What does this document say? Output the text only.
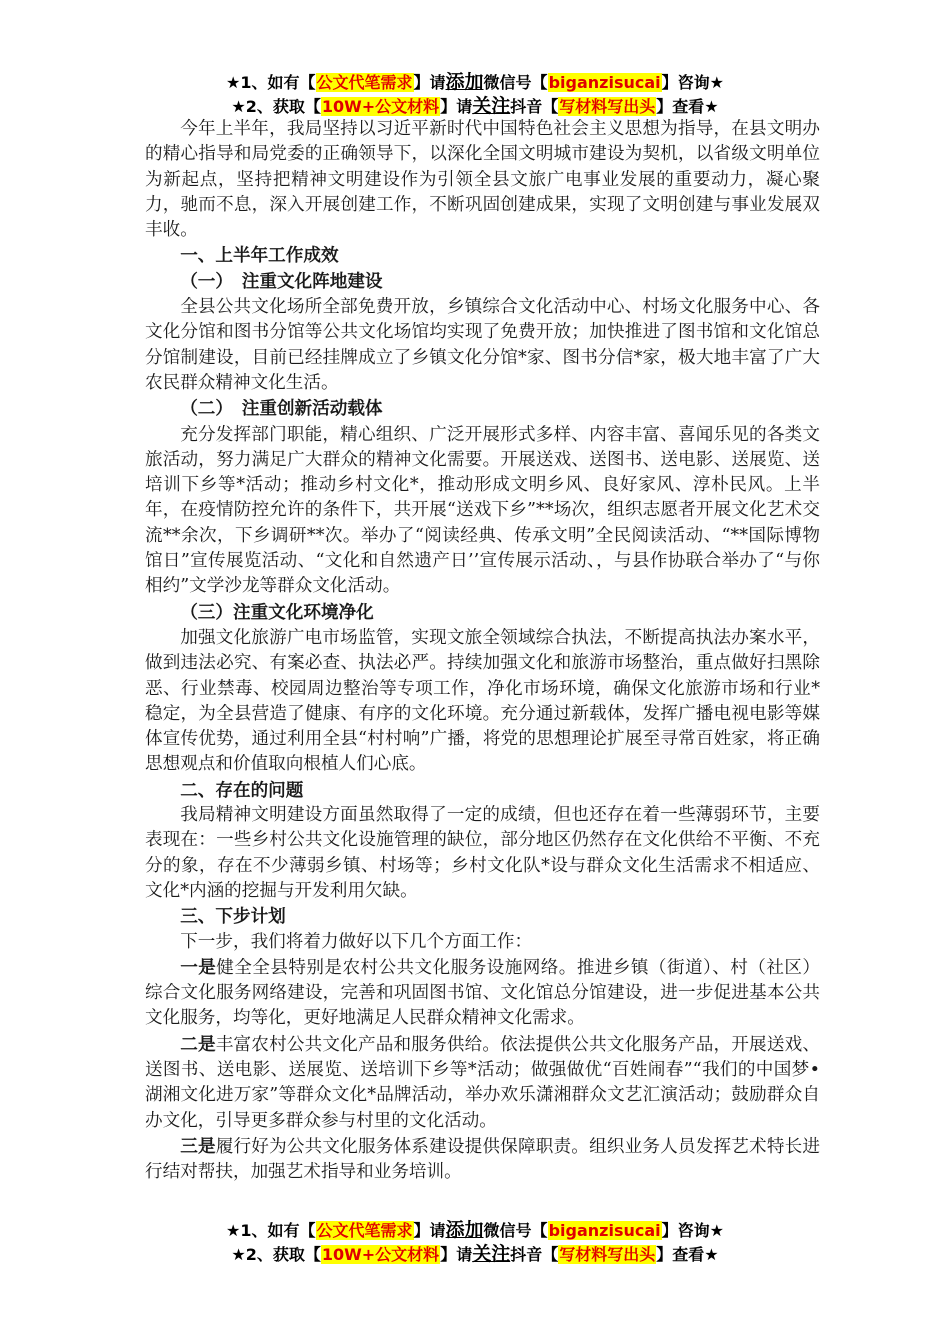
★1、如有【公文代笔需求】请添加微信号【biganzisucai】咨询★
★2、获取【10W+公文材料】请关注抖音【写材料写出头】查看★

今年上半年，我局坚持以习近平新时代中国特色社会主义思想为指导，在县文明办的精心指导和局党委的正确领导下，以深化全国文明城市建设为契机，以省级文明单位为新起点，坚持把精神文明建设作为引领全县文旅广电事业发展的重要动力，凝心聚力，驰而不息，深入开展创建工作，不断巩固创建成果，实现了文明创建与事业发展双丰收。

一、上半年工作成效

（一）　注重文化阵地建设

全县公共文化场所全部免费开放，乡镇综合文化活动中心、村场文化服务中心、各文化分馆和图书分馆等公共文化场馆均实现了免费开放；加快推进了图书馆和文化馆总分馆制建设，目前已经挂牌成立了乡镇文化分馆*家、图书分信*家，极大地丰富了广大农民群众精神文化生活。

（二）　注重创新活动载体

充分发挥部门职能，精心组织、广泛开展形式多样、内容丰富、喜闻乐见的各类文旅活动，努力满足广大群众的精神文化需要。开展送戏、送图书、送电影、送展览、送培训下乡等*活动；推动乡村文化*，推动形成文明乡风、良好家风、淳朴民风。上半年，在疫情防控允许的条件下，共开展“送戏下乡”**场次，组织志愿者开展文化艺术交流**余次，下乡调研**次。举办了“阅读经典、传承文明”全民阅读活动、“**国际博物馆日”宣传展览活动、“文化和自然遗产日’’宣传展示活动、，与县作协联合举办了“与你相约”文学沙龙等群众文化活动。

（三）注重文化环境净化

加强文化旅游广电市场监管，实现文旅全领域综合执法，不断提高执法办案水平，做到违法必究、有案必查、执法必严。持续加强文化和旅游市场整治，重点做好扫黑除恶、行业禁毒、校园周边整治等专项工作，净化市场环境，确保文化旅游市场和行业*稳定，为全县营造了健康、有序的文化环境。充分通过新载体，发挥广播电视电影等媒体宣传优势，通过利用全县“村村响”广播，将党的思想理论扩展至寻常百姓家，将正确思想观点和价值取向根植人们心底。

二、存在的问题

我局精神文明建设方面虽然取得了一定的成绩，但也还存在着一些薄弱环节，主要表现在：一些乡村公共文化设施管理的缺位，部分地区仍然存在文化供给不平衡、不充分的象，存在不少薄弱乡镇、村场等；乡村文化队*设与群众文化生活需求不相适应、文化*内涵的挖掘与开发利用欠缺。

三、下步计划

下一步，我们将着力做好以下几个方面工作：

一是健全全县特别是农村公共文化服务设施网络。推进乡镇（街道）、村（社区）综合文化服务网络建设，完善和巩固图书馆、文化馆总分馆建设，进一步促进基本公共文化服务，均等化，更好地满足人民群众精神文化需求。

二是丰富农村公共文化产品和服务供给。依法提供公共文化服务产品，开展送戏、送图书、送电影、送展览、送培训下乡等*活动；做强做优“百姓闹春”“我们的中国梦•湖湘文化进万家”等群众文化*品牌活动，举办欢乐潇湘群众文艺汇演活动；鼓励群众自办文化，引导更多群众参与村里的文化活动。

三是履行好为公共文化服务体系建设提供保障职责。组织业务人员发挥艺术特长进行结对帮扶，加强艺术指导和业务培训。

★1、如有【公文代笔需求】请添加微信号【biganzisucai】咨询★
★2、获取【10W+公文材料】请关注抖音【写材料写出头】查看★
